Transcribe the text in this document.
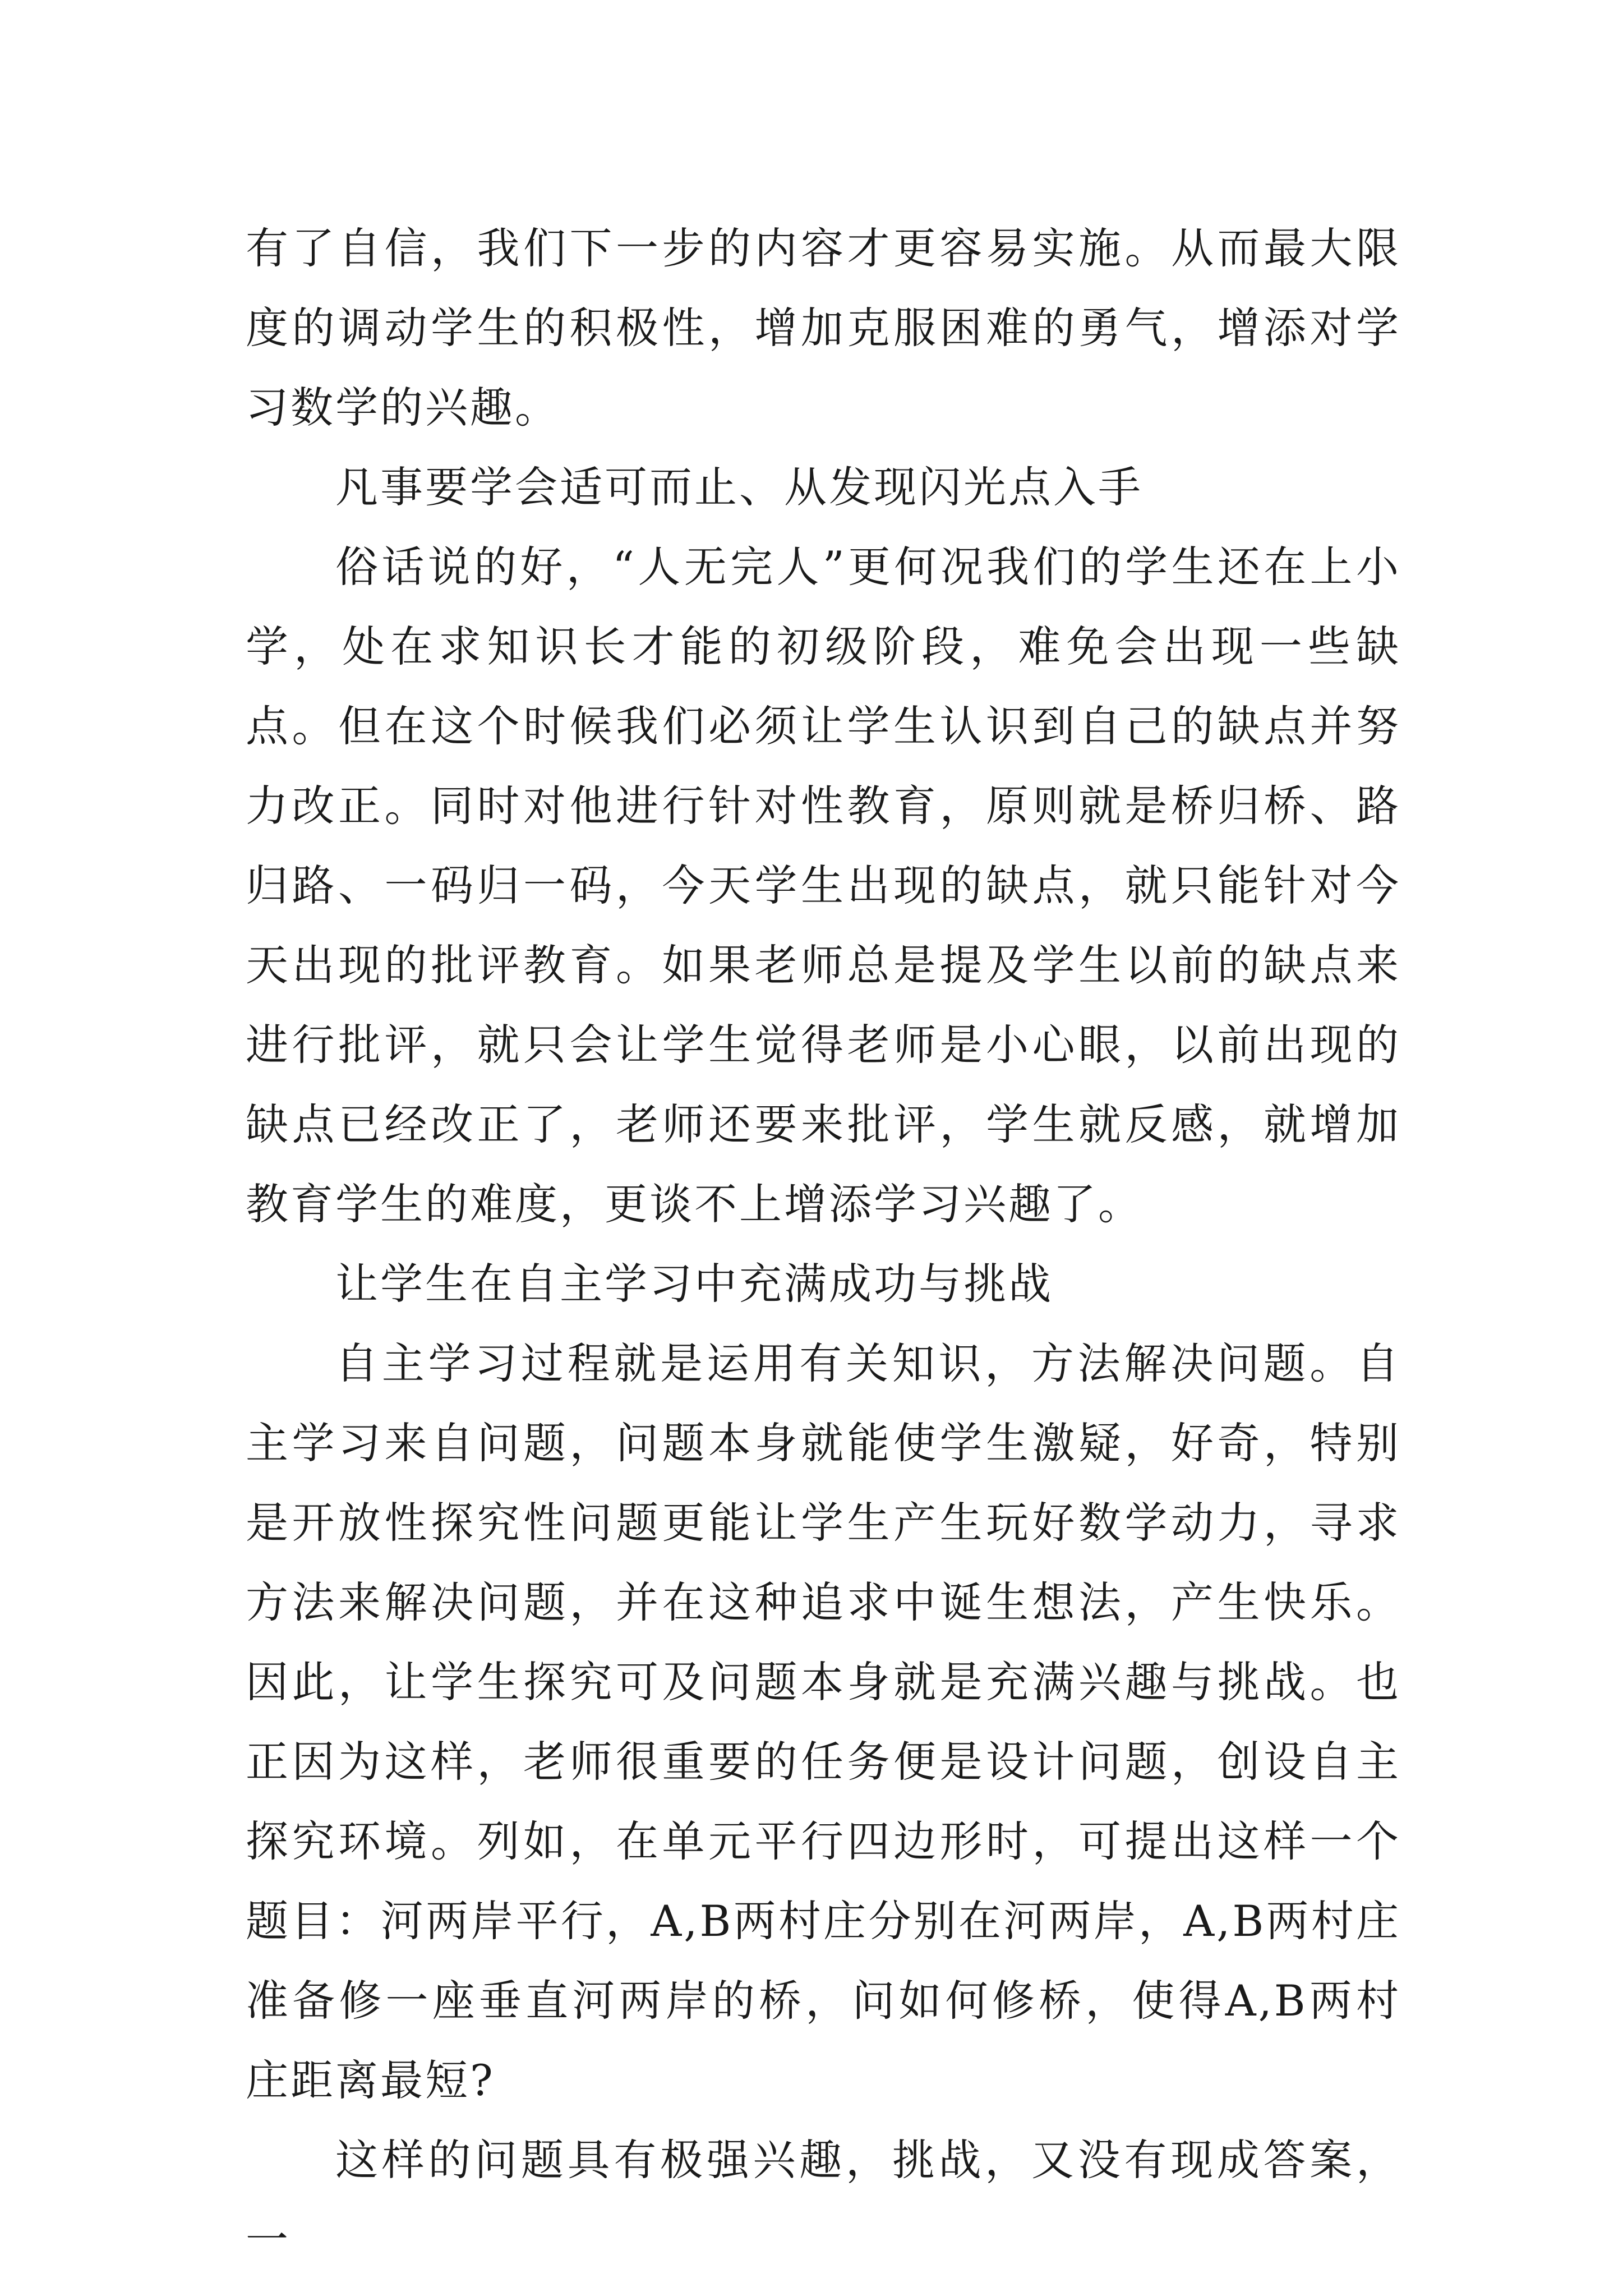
有了自信，我们下一步的内容才更容易实施。从而最大限度的调动学生的积极性，增加克服困难的勇气，增添对学习数学的兴趣。

凡事要学会适可而止、从发现闪光点入手

俗话说的好，“人无完人”更何况我们的学生还在上小学，处在求知识长才能的初级阶段，难免会出现一些缺点。但在这个时候我们必须让学生认识到自己的缺点并努力改正。同时对他进行针对性教育，原则就是桥归桥、路归路、一码归一码，今天学生出现的缺点，就只能针对今天出现的批评教育。如果老师总是提及学生以前的缺点来进行批评，就只会让学生觉得老师是小心眼，以前出现的缺点已经改正了，老师还要来批评，学生就反感，就增加教育学生的难度，更谈不上增添学习兴趣了。

让学生在自主学习中充满成功与挑战

自主学习过程就是运用有关知识，方法解决问题。自主学习来自问题，问题本身就能使学生激疑，好奇，特别是开放性探究性问题更能让学生产生玩好数学动力，寻求方法来解决问题，并在这种追求中诞生想法，产生快乐。因此，让学生探究可及问题本身就是充满兴趣与挑战。也正因为这样，老师很重要的任务便是设计问题，创设自主探究环境。列如，在单元平行四边形时，可提出这样一个题目：河两岸平行，A,B两村庄分别在河两岸，A,B两村庄准备修一座垂直河两岸的桥，问如何修桥，使得A,B两村庄距离最短?

这样的问题具有极强兴趣，挑战，又没有现成答案，一
